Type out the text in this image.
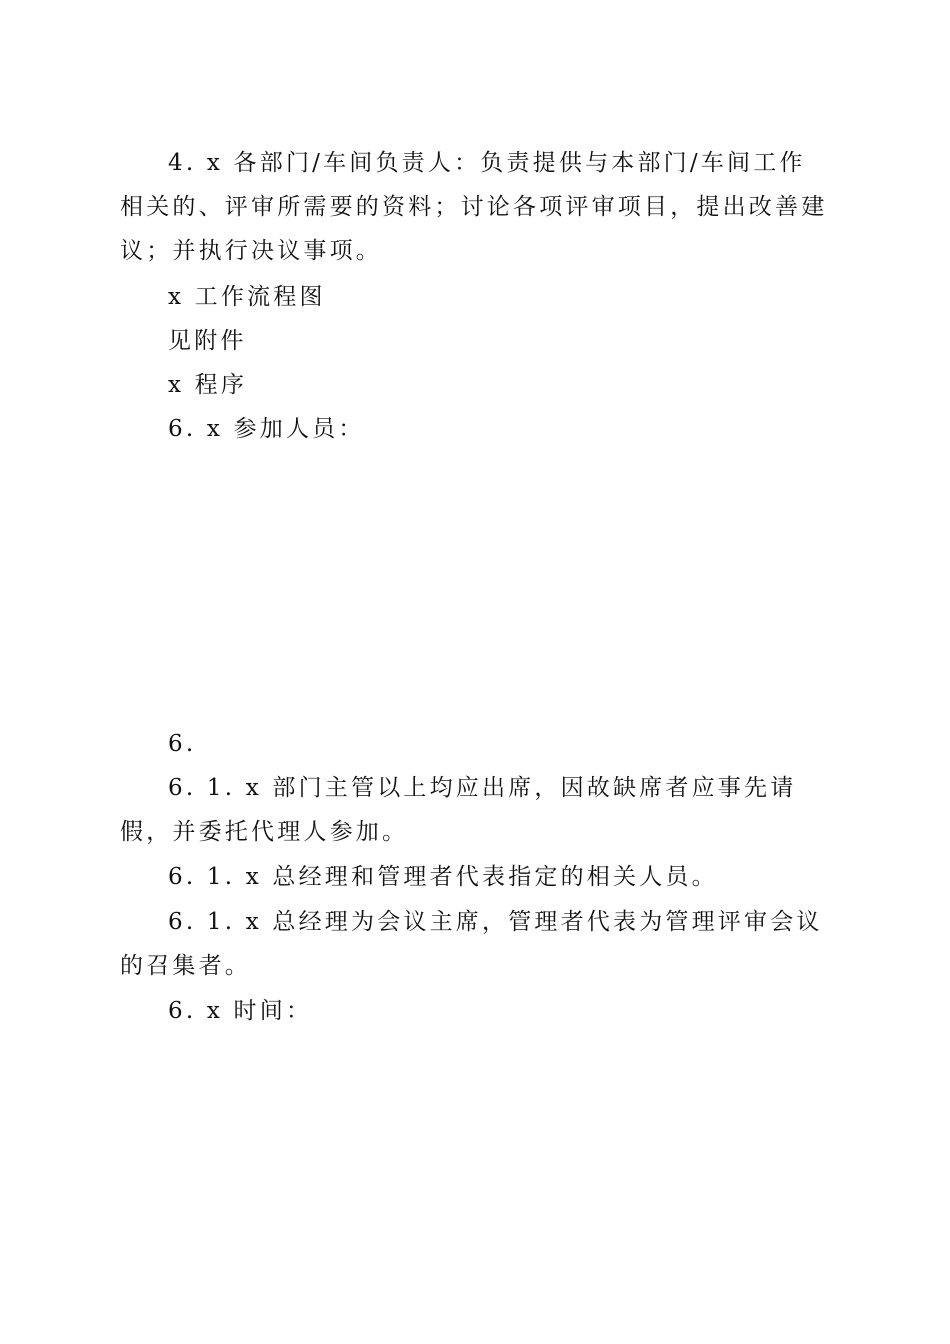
4. x 各部门/车间负责人：负责提供与本部门/车间工作相关的、评审所需要的资料；讨论各项评审项目，提出改善建议；并执行决议事项。

x 工作流程图

见附件

x 程序

6. x 参加人员：

6.

6. 1. x 部门主管以上均应出席，因故缺席者应事先请假，并委托代理人参加。

6. 1. x 总经理和管理者代表指定的相关人员。

6. 1. x 总经理为会议主席，管理者代表为管理评审会议的召集者。

6. x 时间：
